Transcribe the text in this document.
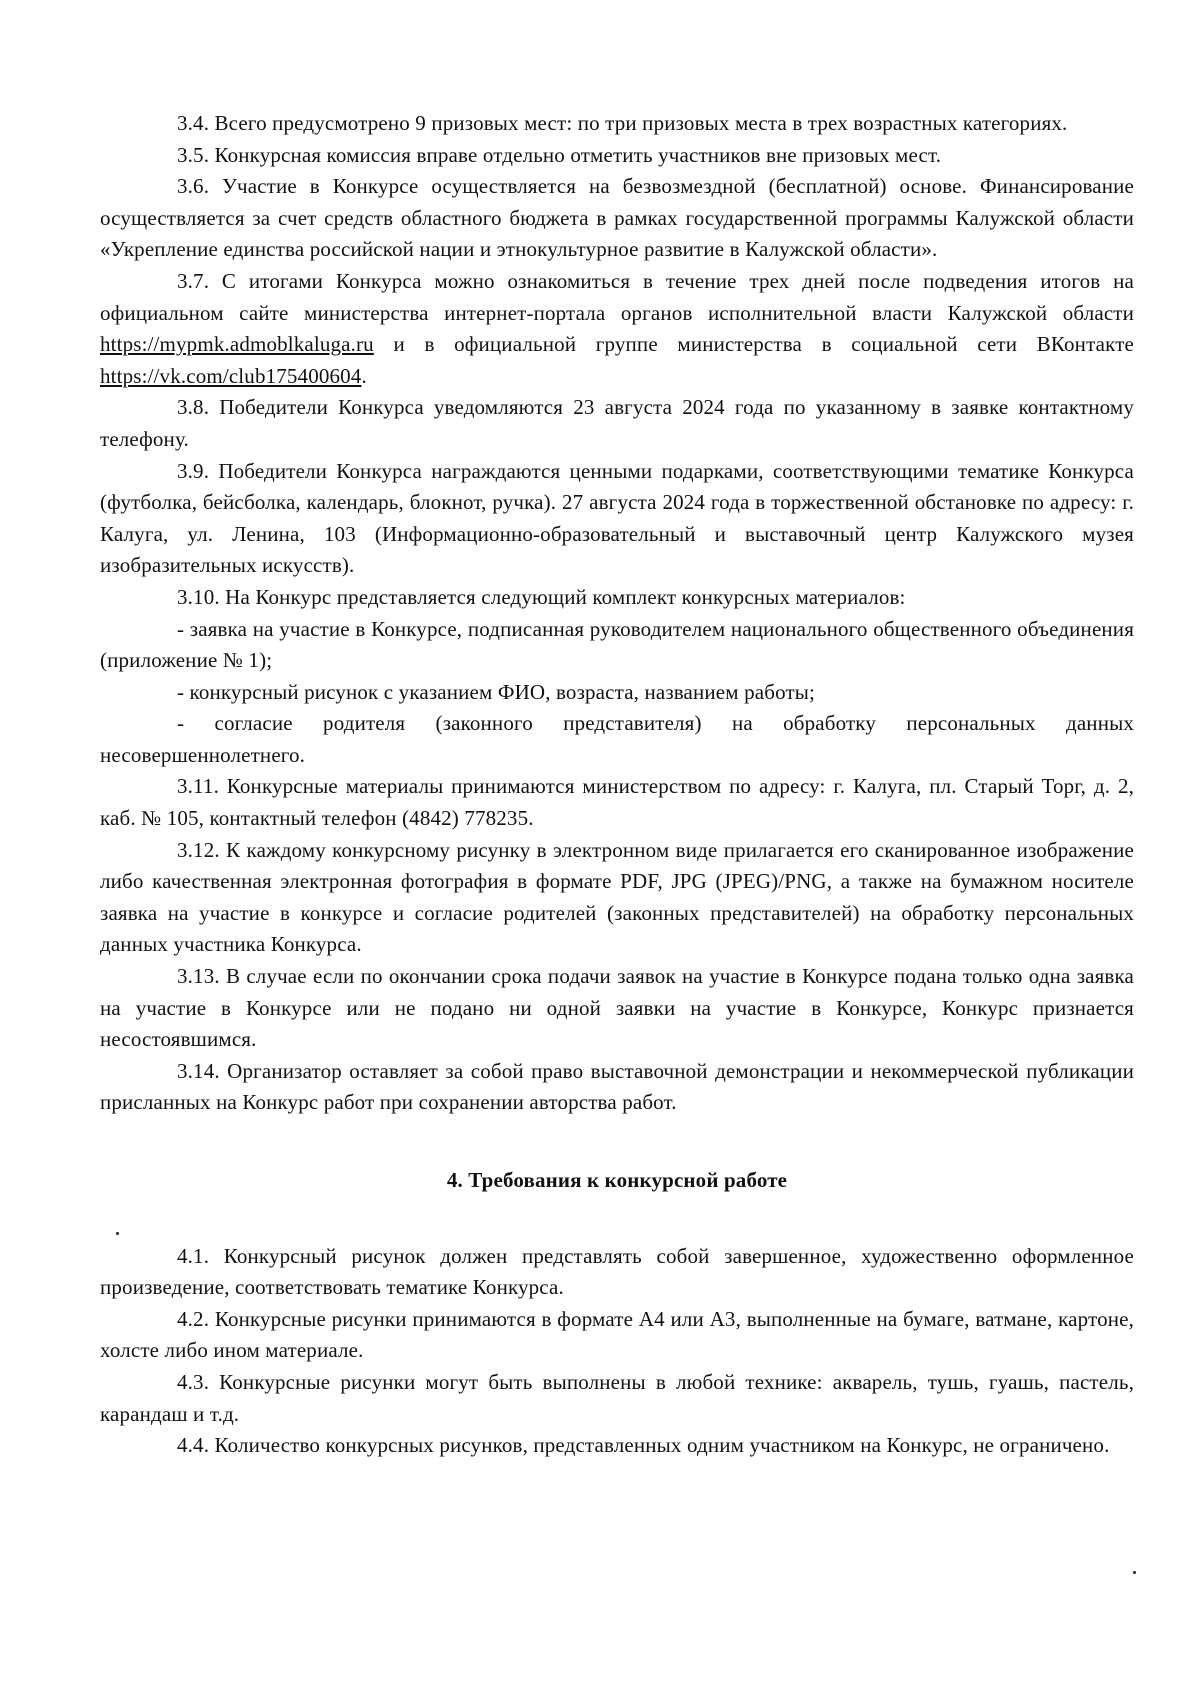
3.4. Всего предусмотрено 9 призовых мест: по три призовых места в трех возрастных категориях.

3.5. Конкурсная комиссия вправе отдельно отметить участников вне призовых мест.

3.6. Участие в Конкурсе осуществляется на безвозмездной (бесплатной) основе. Финансирование осуществляется за счет средств областного бюджета в рамках государственной программы Калужской области «Укрепление единства российской нации и этнокультурное развитие в Калужской области».

3.7. С итогами Конкурса можно ознакомиться в течение трех дней после подведения итогов на официальном сайте министерства интернет-портала органов исполнительной власти Калужской области https://mypmk.admoblkaluga.ru и в официальной группе министерства в социальной сети ВКонтакте https://vk.com/club175400604.

3.8. Победители Конкурса уведомляются 23 августа 2024 года по указанному в заявке контактному телефону.

3.9. Победители Конкурса награждаются ценными подарками, соответствующими тематике Конкурса (футболка, бейсболка, календарь, блокнот, ручка). 27 августа 2024 года в торжественной обстановке по адресу: г. Калуга, ул. Ленина, 103 (Информационно-образовательный и выставочный центр Калужского музея изобразительных искусств).

3.10. На Конкурс представляется следующий комплект конкурсных материалов:

- заявка на участие в Конкурсе, подписанная руководителем национального общественного объединения (приложение № 1);

- конкурсный рисунок с указанием ФИО, возраста, названием работы;

- согласие родителя (законного представителя) на обработку персональных данных несовершеннолетнего.

3.11. Конкурсные материалы принимаются министерством по адресу: г. Калуга, пл. Старый Торг, д. 2, каб. № 105, контактный телефон (4842) 778235.

3.12. К каждому конкурсному рисунку в электронном виде прилагается его сканированное изображение либо качественная электронная фотография в формате PDF, JPG (JPEG)/PNG, а также на бумажном носителе заявка на участие в конкурсе и согласие родителей (законных представителей) на обработку персональных данных участника Конкурса.

3.13. В случае если по окончании срока подачи заявок на участие в Конкурсе подана только одна заявка на участие в Конкурсе или не подано ни одной заявки на участие в Конкурсе, Конкурс признается несостоявшимся.

3.14. Организатор оставляет за собой право выставочной демонстрации и некоммерческой публикации присланных на Конкурс работ при сохранении авторства работ.

4. Требования к конкурсной работе

4.1. Конкурсный рисунок должен представлять собой завершенное, художественно оформленное произведение, соответствовать тематике Конкурса.

4.2. Конкурсные рисунки принимаются в формате А4 или А3, выполненные на бумаге, ватмане, картоне, холсте либо ином материале.

4.3. Конкурсные рисунки могут быть выполнены в любой технике: акварель, тушь, гуашь, пастель, карандаш и т.д.

4.4. Количество конкурсных рисунков, представленных одним участником на Конкурс, не ограничено.
